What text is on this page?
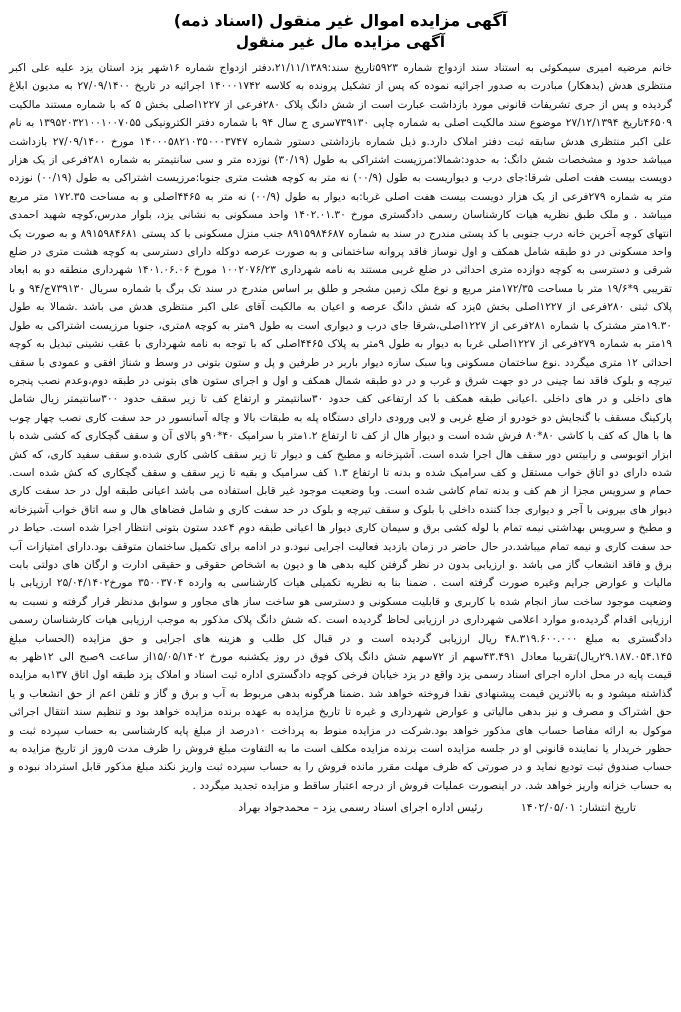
آگهی مزایده اموال غیر منقول (اسناد ذمه)
آگهی مزایده مال غیر منقول

خانم مرضیه امیری سیمکوئی به استناد سند ازدواج شماره ۵۹۲۳تاریخ سند:۲۱/۱۱/۱۳۸۹،دفتر ازدواج شماره ۱۶شهر یزد استان یزد علیه علی اکبر منتظری هدش (بدهکار) مبادرت به صدور اجرائیه نموده که پس از تشکیل پرونده به کلاسه ۱۴۰۰۰۱۷۴۲ اجرائیه در تاریخ ۲۷/۰۹/۱۴۰۰ به مدیون ابلاغ گردیده و پس از جری تشریفات قانونی مورد بازداشت عبارت است از شش دانگ پلاک ۲۸۰فرعی از ۱۲۲۷اصلی بخش ۵ که با شماره مستند مالکیت ۴۶۵۰۹تاریخ ۲۷/۱۲/۱۳۹۴ موضوع سند مالکیت اصلی به شماره چاپی ۷۳۹۱۳۰سری ج سال ۹۴ با شماره دفتر الکترونیکی ۱۳۹۵۲۰۳۲۱۰۰۱۰۰۷۰۵۵ به نام علی اکبر منتظری هدش سابقه ثبت دفتر املاک دارد.و ذیل شماره بازداشتی دستور شماره ۱۴۰۰۰۵۸۲۱۰۳۵۰۰۰۳۷۴۷ مورخ ۲۷/۰۹/۱۴۰۰ بازداشت میباشد حدود و مشخصات شش دانگ: به حدود:شمالا:مرزیست اشتراکی به طول (۳۰/۱۹) نوزده متر و سی سانتیمتر به شماره ۲۸۱فرعی از یک هزار دویست بیست هفت اصلی شرقا:جای درب و دیواریست به طول (۰۰/۹) نه متر به کوچه هشت متری جنوبا:مرزیست اشتراکی به طول (۰۰/۱۹) نوزده متر به شماره ۲۷۹فرعی از یک هزار دویست بیست هفت اصلی غربا:به دیوار به طول (۰۰/۹) نه متر به ۴۴۶۵اصلی و به مساحت ۱۷۲.۳۵ متر مربع میباشد . و ملک طبق نظریه هیات کارشناسان رسمی دادگستری مورخ ۱۴۰۲.۰۱.۳۰ واحد مسکونی به نشانی یزد، بلوار مدرس،کوچه شهید احمدی انتهای کوچه آخرین خانه درب جنوبی با کد پستی مندرج در سند به شماره ۸۹۱۵۹۸۴۶۸۷ جنب منزل مسکونی با کد پستی ۸۹۱۵۹۸۴۶۸۱ و به صورت یک واحد مسکونی در دو طبقه شامل همکف و اول نوساز فاقد پروانه ساختمانی و به صورت عرصه دوکله دارای دسترسی به کوچه هشت متری در ضلع شرقی و دسترسی به کوچه دوازده متری احداثی در ضلع غربی مستند به نامه شهرداری ۱۰۰۲۰۷۶/۲۳ مورخ ۱۴۰۱.۰۶.۰۶ شهرداری منطقه دو به ابعاد تقریبی ۹*۱۹/۶ متر با مساحت ۱۷۲/۳۵متر مربع و نوع ملک زمین مشجر و طلق بر اساس مندرج در سند تک برگ با شماره سریال ۷۳۹۱۳۰ج/۹۴ و با پلاک ثبتی ۲۸۰فرعی از ۱۲۲۷اصلی بخش ۵یزد که شش دانگ عرصه و اعیان به مالکیت آقای علی اکبر منتظری هدش می باشد .شمالا به طول ۱۹.۳۰متر مشترک با شماره ۲۸۱فرعی از ۱۲۲۷اصلی،شرقا جای درب و دیواری است به طول ۹متر به کوچه ۸متری، جنوبا مرزیست اشتراکی به طول ۱۹متر به شماره ۲۷۹فرعی از ۱۲۲۷اصلی غربا به دیوار به طول ۹متر به پلاک ۴۴۶۵اصلی که با توجه به نامه شهرداری با عقب نشینی تبدیل به کوچه احداثی ۱۲ متری میگردد .نوع ساختمان مسکونی وبا سبک سازه دیوار باربر در طرفین و پل و ستون بتونی در وسط و شناژ افقی و عمودی با سقف تیرچه و بلوک فاقد نما چینی در دو جهت شرق و غرب و در دو طبقه شمال همکف و اول و اجرای ستون های بتونی در طبقه دوم،وعدم نصب پنجره های داخلی و در های داخلی .اعیانی طبقه همکف با کد ارتفاعی کف حدود ۳۰سانتیمتر و ارتفاع کف تا زیر سقف حدود ۳۰۰سانتیمتر زیال شامل پارکینگ مسقف با گنجایش دو خودرو از ضلع غربی و لابی ورودی دارای دستگاه پله به طبقات بالا و چاله آسانسور در حد سفت کاری نصب چهار چوب ها با هال که کف با کاشی ۸۰*۸۰ فرش شده است و دیوار هال از کف تا ارتفاع ۱.۲متر با سرامیک ۴۰*۹۰و بالای آن و سقف گچکاری که کشی شده با ابزار اتوبوسی و رابیتس دور سقف هال اجرا شده است. آشپزخانه و مطبخ کف و دیوار تا زیر سقف کاشی کاری شده.و سقف سفید کاری، که کش شده دارای دو اتاق خواب مستقل و کف سرامیک شده و بدنه تا ارتفاع ۱.۳ کف سرامیک و بقیه تا زیر سقف و سقف گچکاری که کش شده است. حمام و سرویس مجزا از هم کف و بدنه تمام کاشی شده است. وبا وضعیت موجود غیر قابل استفاده می باشد اعیانی طبقه اول در حد سفت کاری دیوار های بیرونی با آجر و دیواری جدا کننده داخلی با بلوک و سقف تیرچه و بلوک در حد سفت کاری و شامل فضاهای هال و سه اتاق خواب آشپزخانه و مطبخ و سرویس بهداشتی نیمه تمام با لوله کشی برق و سیمان کاری دیوار ها اعیانی طبقه دوم ۴عدد ستون بتونی انتظار اجرا شده است. حیاط در حد سفت کاری و نیمه تمام میباشد.در حال حاضر در زمان بازدید فعالیت اجرایی نبود.و در ادامه برای تکمیل ساختمان متوقف بود.دارای امتیازات آب برق و فاقد انشعاب گاز می باشد .و ارزیابی بدون در نظر گرفتن کلیه بدهی ها و دیون به اشخاص حقوقی و حقیقی ادارت و ارگان های دولتی بابت مالیات و عوارض جرایم وغیره صورت گرفته است . ضمنا بنا به نظریه تکمیلی هیات کارشناسی به وارده ۳۵۰۰۳۷۰۴ مورخ۲۵/۰۴/۱۴۰۲ ارزیابی با وضعیت موجود ساخت ساز انجام شده با کاربری و قابلیت مسکونی و دسترسی هو ساخت ساز های مجاور و سوابق مدنظر قرار گرفته و نسبت به ارزیابی اقدام گردیده،و موارد اعلامی شهرداری در ارزیابی لحاظ گردیده است .که شش دانگ پلاک مذکور به موجب ارزیابی هیات کارشناسان رسمی دادگستری به مبلغ ۴۸.۳۱۹.۶۰۰.۰۰۰ ریال ارزیابی گردیده است و در قبال کل طلب و هزینه های اجرایی و حق مزایده (الحساب مبلغ ۲۹.۱۸۷.۰۵۴.۱۴۵ریال)تقریبا معادل ۴۳.۴۹۱سهم از ۷۲سهم شش دانگ پلاک فوق در روز یکشنبه مورخ ۱۵/۰۵/۱۴۰۲از ساعت ۹صبح الی ۱۲ظهر به قیمت پایه در محل اداره اجرای اسناد رسمی یزد واقع در یزد خیابان فرخی کوچه دادگستری اداره ثبت اسناد و املاک یزد طبقه اول اتاق ۱۳۷به مزایده گذاشته میشود و به بالاترین قیمت پیشنهادی نقدا فروخته خواهد شد .ضمنا هرگونه بدهی مربوط به آب و برق و گاز و تلفن اعم از حق انشعاب و یا حق اشتراک و مصرف و نیز بدهی مالیاتی و عوارض شهرداری و غیره تا تاریخ مزایده به عهده برنده مزایده خواهد بود و تنظیم سند انتقال اجرائی موکول به ارائه مفاصا حساب های مذکور خواهد بود.شرکت در مزایده منوط به پرداخت ۱۰درصد از مبلغ پایه کارشناسی به حساب سپرده ثبت و حظور خریدار یا نماینده قانونی او در جلسه مزایده است برنده مزایده مکلف است ما به التفاوت مبلغ فروش را ظرف مدت ۵روز از تاریخ مزایده به حساب صندوق ثبت تودیع نماید و در صورتی که ظرف مهلت مقرر مانده فروش را به حساب سپرده ثبت واریز نکند مبلغ مذکور قابل استرداد نبوده و به حساب خزانه واریز خواهد شد. در اینصورت عملیات فروش از درجه اعتبار ساقط و مزایده تجدید میگردد .

تاریخ انتشار: ۱۴۰۲/۰۵/۰۱
رئیس اداره اجرای اسناد رسمی یزد – محمدجواد بهراد
